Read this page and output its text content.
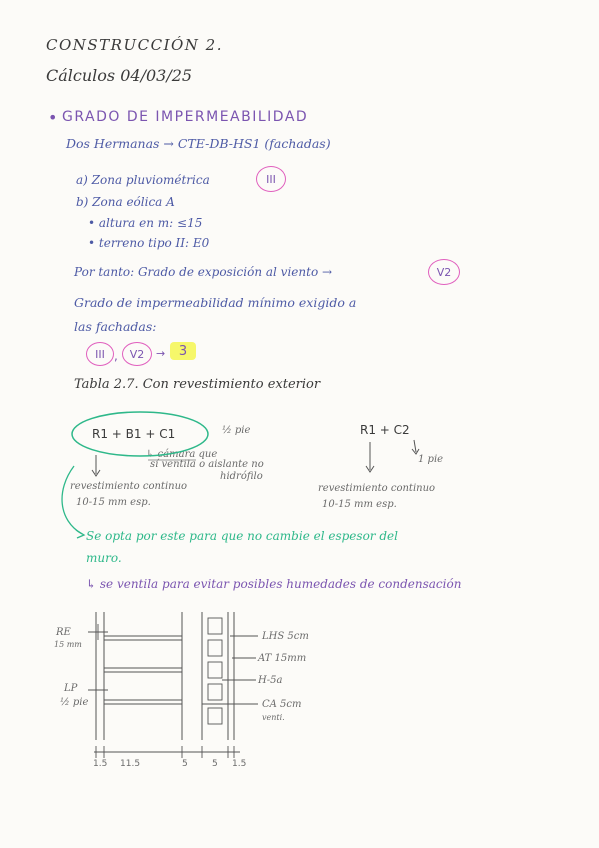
CONSTRUCCIÓN 2.
Cálculos 04/03/25
• GRADO DE IMPERMEABILIDAD
Dos Hermanas → CTE-DB-HS1 (fachadas)
a) Zona pluviométrica	III
b) Zona eólica A
• altura en m: ≤15
• terreno tipo II: E0
Por tanto: Grado de exposición al viento →	V2
Grado de impermeabilidad mínimo exigido a
las fachadas:
III , V2 → 3
Tabla 2.7. Con revestimiento exterior
R1 + B1 + C1	½ pie
↳ cámara que
sí ventila o aislante no
hidrófilo
revestimiento continuo
10-15 mm esp.
R1 + C2
1 pie
revestimiento continuo
10-15 mm esp.
Se opta por este para que no cambie el espesor del
muro.
↳ se ventila para evitar posibles humedades de condensación
RE
15 mm
LP
½ pie
LHS 5cm
AT 15mm
H-5a
CA 5cm
venti.
1.5 11.5	5	5 1.5
